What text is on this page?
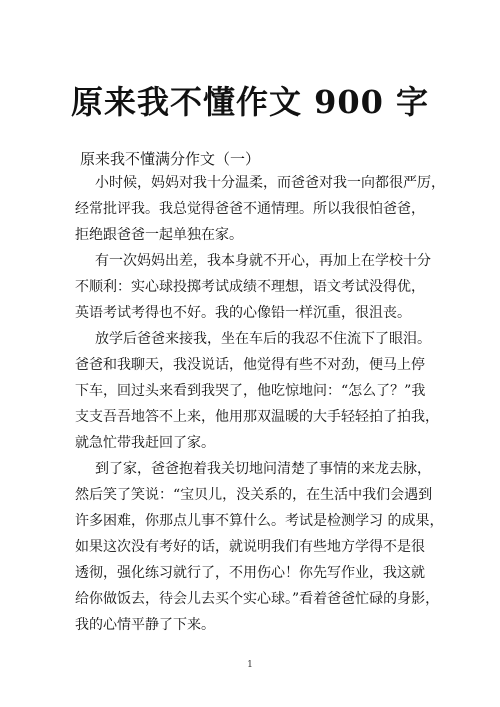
原来我不懂作文 900 字
原来我不懂满分作文（一）

小时候，妈妈对我十分温柔，而爸爸对我一向都很严厉，
经常批评我。我总觉得爸爸不通情理。所以我很怕爸爸，
拒绝跟爸爸一起单独在家。

有一次妈妈出差，我本身就不开心，再加上在学校十分
不顺利：实心球投掷考试成绩不理想，语文考试没得优，
英语考试考得也不好。我的心像铅一样沉重，很沮丧。

放学后爸爸来接我，坐在车后的我忍不住流下了眼泪。
爸爸和我聊天，我没说话，他觉得有些不对劲，便马上停
下车，回过头来看到我哭了，他吃惊地问：“怎么了？”我
支支吾吾地答不上来，他用那双温暖的大手轻轻拍了拍我，
就急忙带我赶回了家。

到了家，爸爸抱着我关切地问清楚了事情的来龙去脉，
然后笑了笑说：“宝贝儿，没关系的，在生活中我们会遇到
许多困难，你那点儿事不算什么。考试是检测学习 的成果，
如果这次没有考好的话，就说明我们有些地方学得不是很
透彻，强化练习就行了，不用伤心！你先写作业，我这就
给你做饭去，待会儿去买个实心球。”看着爸爸忙碌的身影，
我的心情平静了下来。

1
